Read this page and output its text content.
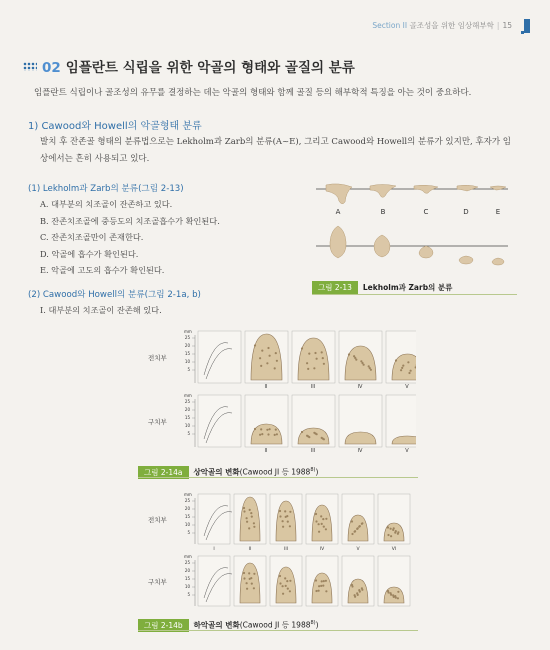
Section II 골조성을 위한 임상해부학 | 15
02 임플란트 식립을 위한 악골의 형태와 골질의 분류
임플란트 식립이나 골조성의 유무를 결정하는 데는 악골의 형태와 함께 골질 등의 해부학적 특징을 아는 것이 중요하다.
1) Cawood와 Howell의 악골형태 분류
발치 후 잔존골 형태의 분류법으로는 Lekholm과 Zarb의 분류(A~E), 그리고 Cawood와 Howell의 분류가 있지만, 후자가 임
상에서는 흔히 사용되고 있다.
(1) Lekholm과 Zarb의 분류(그림 2-13)
A. 대부분의 치조골이 잔존하고 있다.
B. 잔존치조골에 중등도의 치조골흡수가 확인된다.
C. 잔존치조골만이 존재한다.
D. 악골에 흡수가 확인된다.
E. 악골에 고도의 흡수가 확인된다.
(2) Cawood와 Howell의 분류(그림 2-1a, b)
I. 대부분의 치조골이 잔존해 있다.
A	B	C	D	E
그림 2-13 Lekholm과 Zarb의 분류
전치부
mm
25
20
15
10
5
구치부
mm
25
20
15
10
5
II
II
III
III
IV
IV
V
V
그림 2-14a 상악골의 변화(Cawood JI 등 1988$^{8)}$)
전치부
mm
25
20
15
10
5
구치부
mm
25
20
15
10
5
I	II	III	IV	V	VI
그림 2-14b 하악골의 변화(Cawood JI 등 1988$^{8)}$)
